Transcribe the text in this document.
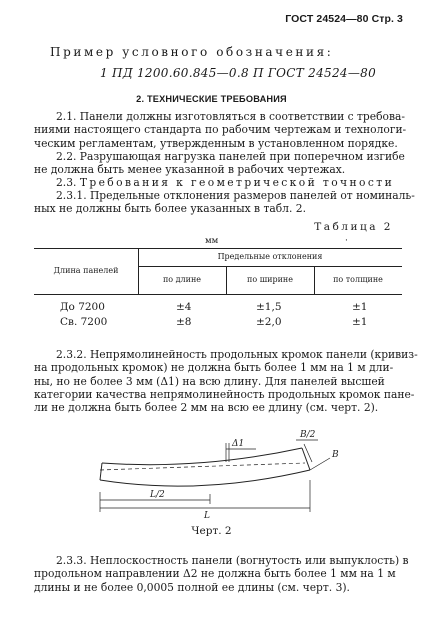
ГОСТ 24524—80 Стр. 3
Пример условного обозначения:
1 ПД 1200.60.845—0.8 П ГОСТ 24524—80
2. ТЕХНИЧЕСКИЕ ТРЕБОВАНИЯ
2.1. Панели должны изготовляться в соответствии с требова-
ниями настоящего стандарта по рабочим чертежам и технологи-
ческим регламентам, утвержденным в установленном порядке.
2.2. Разрушающая нагрузка панелей при поперечном изгибе
не должна быть менее указанной в рабочих чертежах.
2.3. Требования к геометрической точности
2.3.1. Предельные отклонения размеров панелей от номиналь-
ных не должны быть более указанных в табл. 2.
Таблица 2
мм	·
Длина панелей
Предельные отклонения
по длине	по ширине	по толщине
До 7200	±4	±1,5	±1
Св. 7200	±8	±2,0	±1
2.3.2. Непрямолинейность продольных кромок панели (кривиз-
на продольных кромок) не должна быть более 1 мм на 1 м дли-
ны, но не более 3 мм (Δ1) на всю длину. Для панелей высшей
категории качества непрямолинейность продольных кромок пане-
ли не должна быть более 2 мм на всю ее длину (см. черт. 2).
Δ1
B/2
B
L/2
L
Черт. 2
2.3.3. Неплоскостность панели (вогнутость или выпуклость) в
продольном направлении Δ2 не должна быть более 1 мм на 1 м
длины и не более 0,0005 полной ее длины (см. черт. 3).
